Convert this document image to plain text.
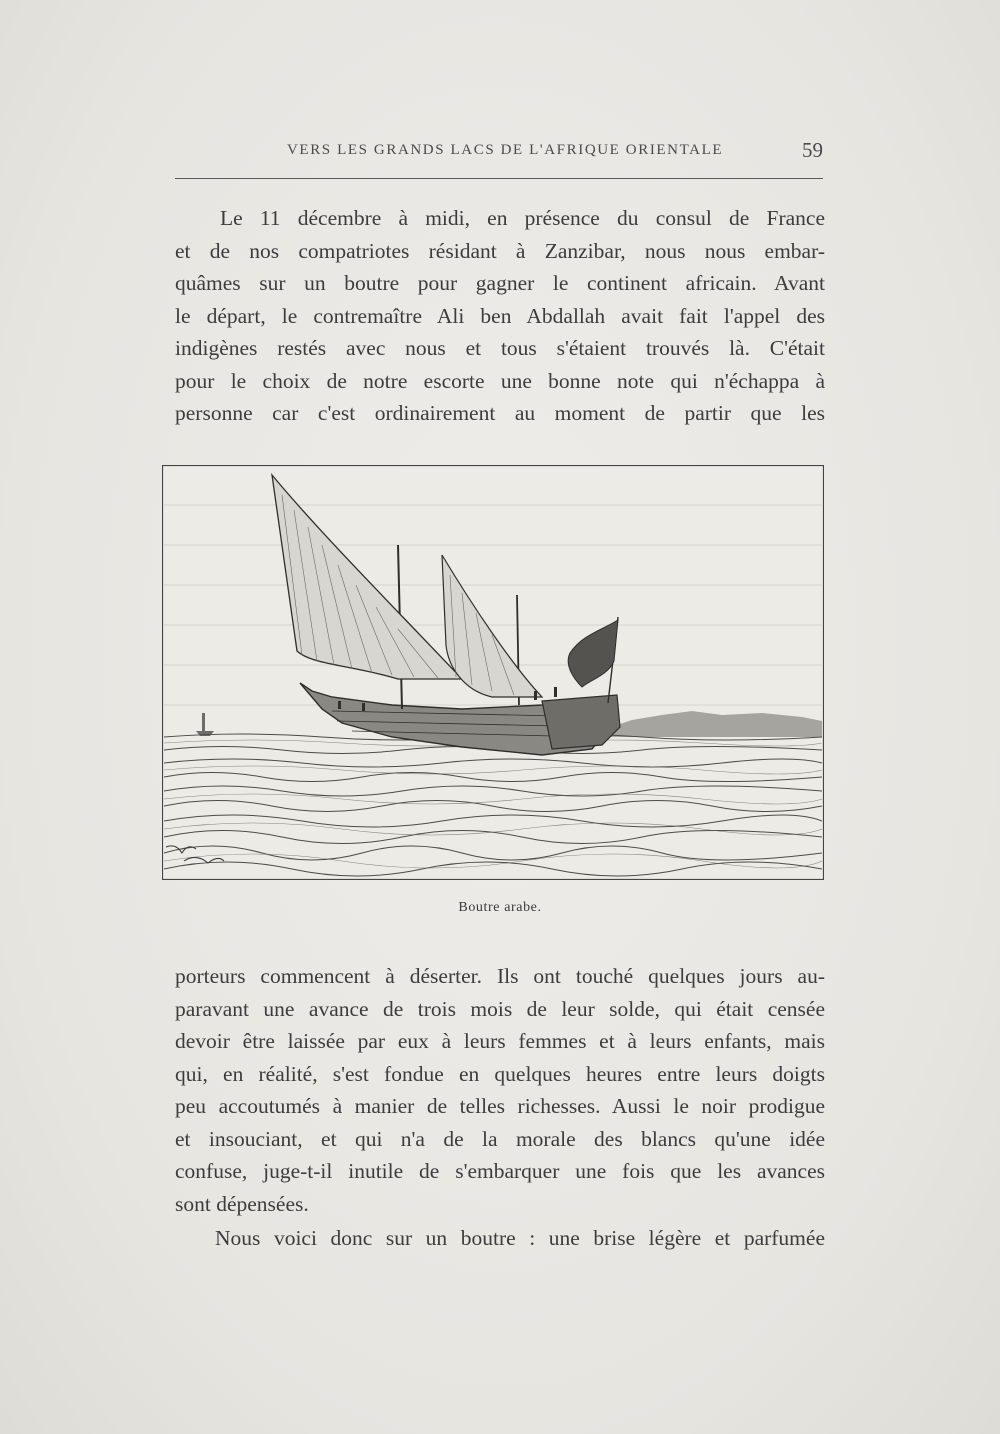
VERS LES GRANDS LACS DE L'AFRIQUE ORIENTALE	59
Le 11 décembre à midi, en présence du consul de France
et de nos compatriotes résidant à Zanzibar, nous nous embar-
quâmes sur un boutre pour gagner le continent africain. Avant
le départ, le contremaître Ali ben Abdallah avait fait l'appel des
indigènes restés avec nous et tous s'étaient trouvés là. C'était
pour le choix de notre escorte une bonne note qui n'échappa à
personne car c'est ordinairement au moment de partir que les
Boutre arabe.
porteurs commencent à déserter. Ils ont touché quelques jours au-
paravant une avance de trois mois de leur solde, qui était censée
devoir être laissée par eux à leurs femmes et à leurs enfants, mais
qui, en réalité, s'est fondue en quelques heures entre leurs doigts
peu accoutumés à manier de telles richesses. Aussi le noir prodigue
et insouciant, et qui n'a de la morale des blancs qu'une idée
confuse, juge-t-il inutile de s'embarquer une fois que les avances
sont dépensées.
Nous voici donc sur un boutre : une brise légère et parfumée
